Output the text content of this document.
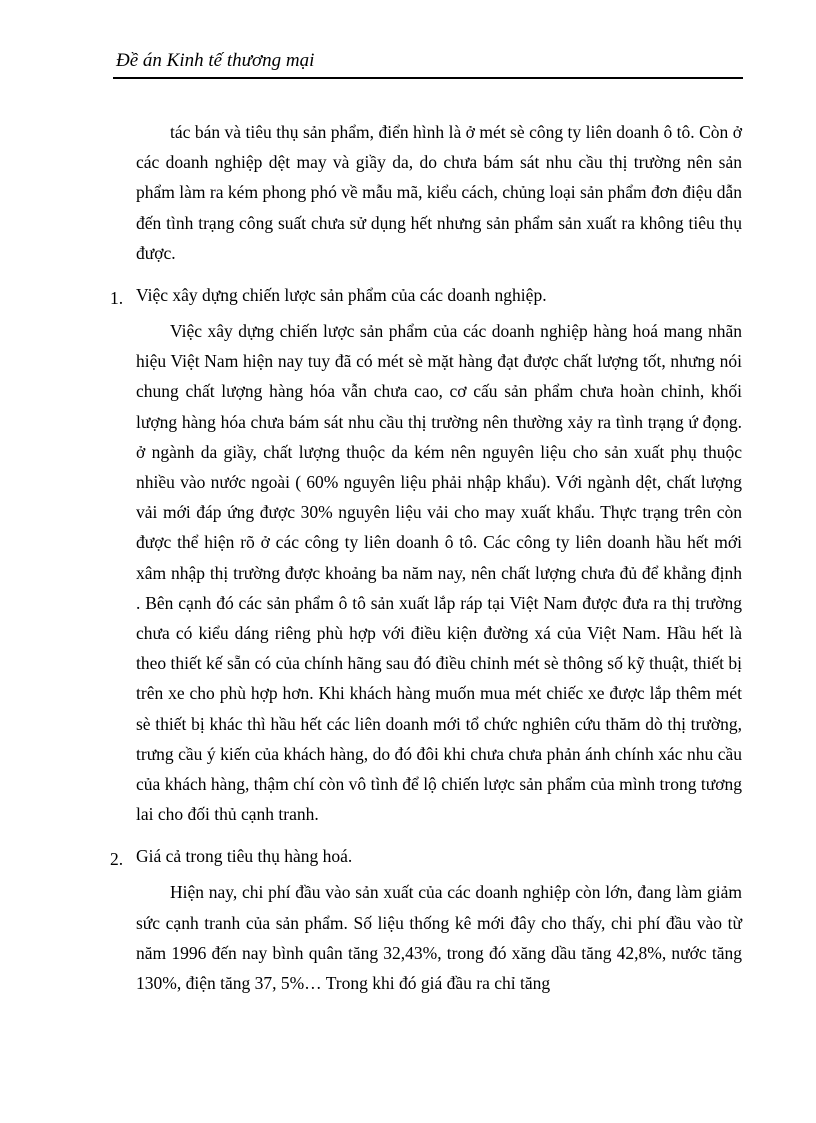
Đề án Kinh tế thương mại

tác bán và tiêu thụ sản phẩm, điển hình là ở mét sè công ty liên doanh ô tô. Còn ở các doanh nghiệp dệt may và giầy da, do chưa bám sát nhu cầu thị trường nên sản phẩm làm ra kém phong phó về mẫu mã, kiểu cách, chủng loại sản phẩm đơn điệu dẫn đến tình trạng công suất chưa sử dụng hết nhưng sản phẩm sản xuất ra không tiêu thụ được.

1. Việc xây dựng chiến lược sản phẩm của các doanh nghiệp.

Việc xây dựng chiến lược sản phẩm của các doanh nghiệp hàng hoá mang nhãn hiệu Việt Nam hiện nay tuy đã có mét sè mặt hàng đạt được chất lượng tốt, nhưng nói chung chất lượng hàng hóa vẫn chưa cao, cơ cấu sản phẩm chưa hoàn chỉnh, khối lượng hàng hóa chưa bám sát nhu cầu thị trường nên thường xảy ra tình trạng ứ đọng. ở ngành da giầy, chất lượng thuộc da kém nên nguyên liệu cho sản xuất phụ thuộc nhiều vào nước ngoài ( 60% nguyên liệu phải nhập khẩu). Với ngành dệt, chất lượng vải mới đáp ứng được 30% nguyên liệu vải cho may xuất khẩu. Thực trạng trên còn được thể hiện rõ ở các công ty liên doanh ô tô. Các công ty liên doanh hầu hết mới xâm nhập thị trường được khoảng ba năm nay, nên chất lượng chưa đủ để khẳng định . Bên cạnh đó các sản phẩm ô tô sản xuất lắp ráp tại Việt Nam được đưa ra thị trường chưa có kiểu dáng riêng phù hợp với điều kiện đường xá của Việt Nam. Hầu hết là theo thiết kế sẵn có của chính hãng sau đó điều chỉnh mét sè thông số kỹ thuật, thiết bị trên xe cho phù hợp hơn. Khi khách hàng muốn mua mét chiếc xe được lắp thêm mét sè thiết bị khác thì hầu hết các liên doanh mới tổ chức nghiên cứu thăm dò thị trường, trưng cầu ý kiến của khách hàng, do đó đôi khi chưa chưa phản ánh chính xác nhu cầu của khách hàng, thậm chí còn vô tình để lộ chiến lược sản phẩm của mình trong tương lai cho đối thủ cạnh tranh.

2. Giá cả trong tiêu thụ hàng hoá.

Hiện nay, chi phí đầu vào sản xuất của các doanh nghiệp còn lớn, đang làm giảm sức cạnh tranh của sản phẩm. Số liệu thống kê mới đây cho thấy, chi phí đầu vào từ năm 1996 đến nay bình quân tăng 32,43%, trong đó xăng dầu tăng 42,8%, nước tăng 130%, điện tăng 37, 5%… Trong khi đó giá đầu ra chỉ tăng
